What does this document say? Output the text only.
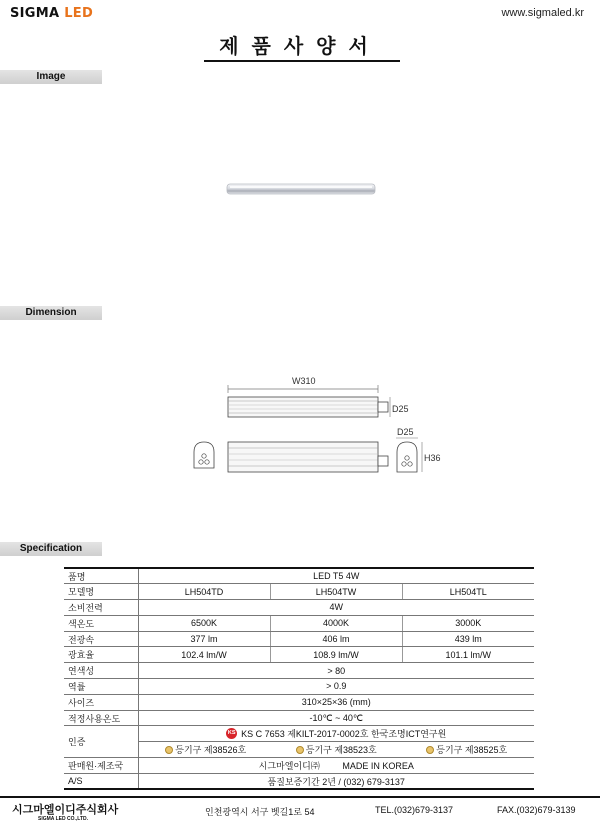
SIGMA LED	www.sigmaled.kr
제품사양서
Image
Dimension
W310
D25
D25
H36
Specification
품명	LED T5 4W		
모델명	LH504TD	LH504TW	LH504TL
소비전력	4W		
색온도	6500K	4000K	3000K
전광속	377 lm	406 lm	439 lm
광효율	102.4 lm/W	108.9 lm/W	101.1 lm/W
연색성	> 80		
역률	> 0.9		
사이즈	310×25×36 (mm)		
적정사용온도	-10℃ ~ 40℃		
인증	KS KS C 7653 제KILT-2017-0002호 한국조명ICT연구원		

	등기구 제38526호 등기구 제38523호 등기구 제38525호		

판매원·제조국	시그마엘이디㈜ MADE IN KOREA		
A/S	품질보증기간 2년 / (032) 679-3137		
시그마엘이디주식회사
SIGMA LED CO.,LTD.
인천광역시 서구 벳길1로 54	TEL.(032)679-3137	FAX.(032)679-3139
